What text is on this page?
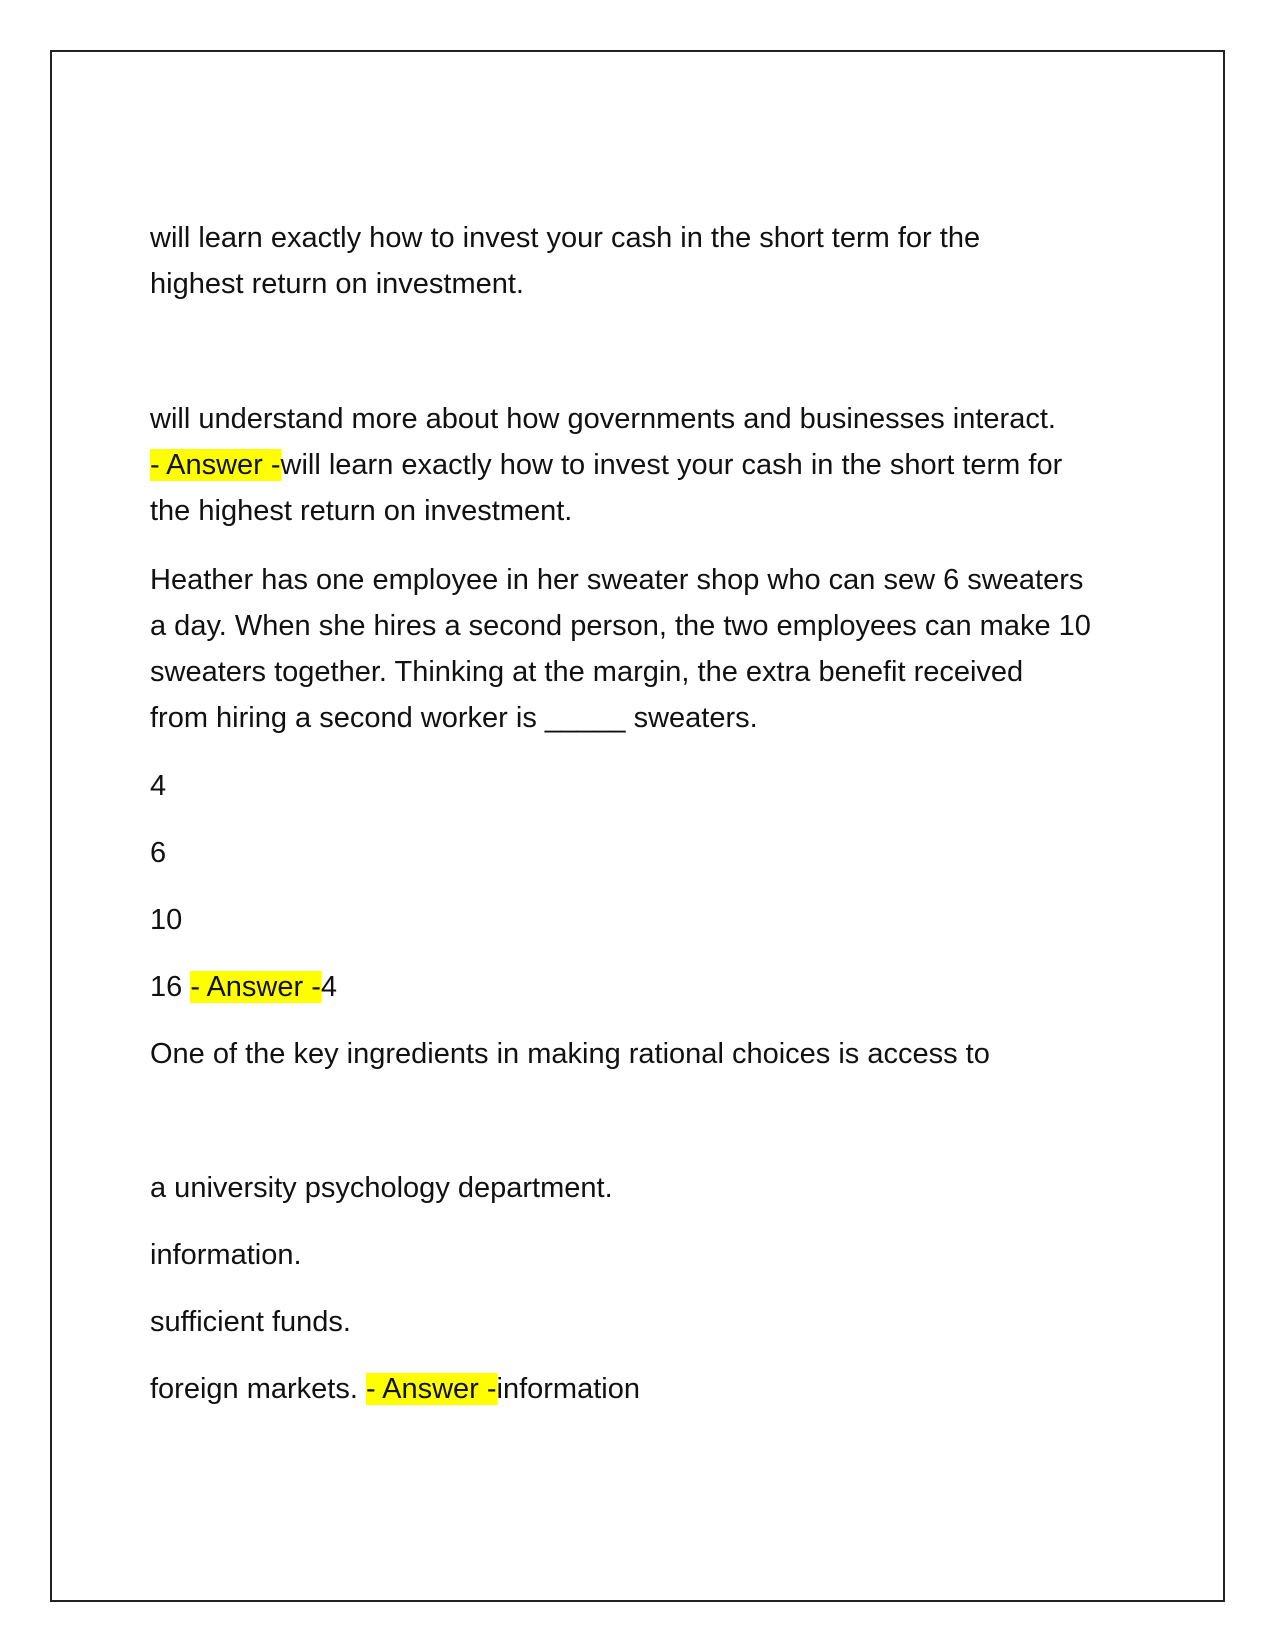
will learn exactly how to invest your cash in the short term for the
highest return on investment.
will understand more about how governments and businesses interact.
- Answer -will learn exactly how to invest your cash in the short term for
the highest return on investment.
Heather has one employee in her sweater shop who can sew 6 sweaters
a day. When she hires a second person, the two employees can make 10
sweaters together. Thinking at the margin, the extra benefit received
from hiring a second worker is _____ sweaters.
4
6
10
16 - Answer -4
One of the key ingredients in making rational choices is access to
a university psychology department.
information.
sufficient funds.
foreign markets. - Answer -information
